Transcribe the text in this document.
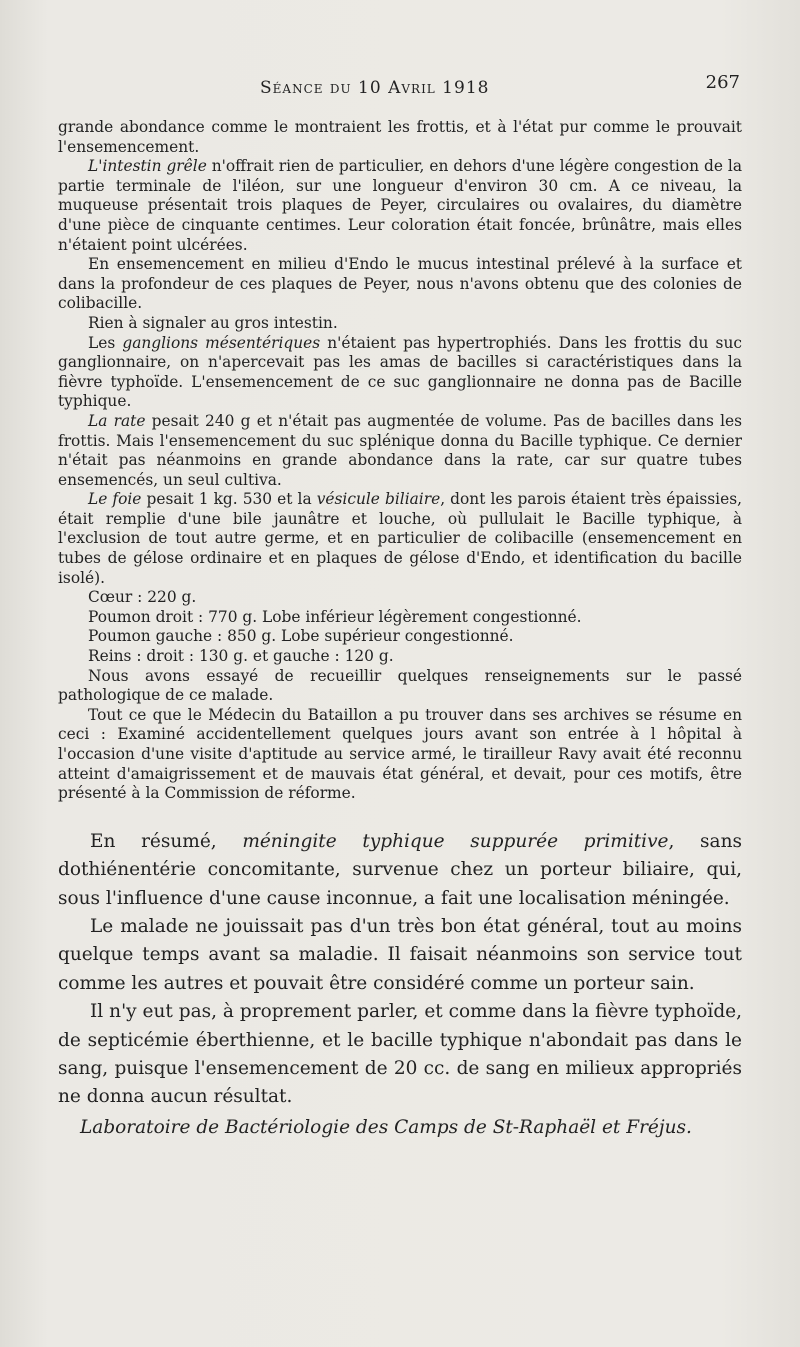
Séance du 10 Avril 1918	267

grande abondance comme le montraient les frottis, et à l'état pur comme le prouvait l'ensemencement.

L'intestin grêle n'offrait rien de particulier, en dehors d'une légère congestion de la partie terminale de l'iléon, sur une longueur d'environ 30 cm. A ce niveau, la muqueuse présentait trois plaques de Peyer, circulaires ou ovalaires, du diamètre d'une pièce de cinquante centimes. Leur coloration était foncée, brûnâtre, mais elles n'étaient point ulcérées.

En ensemencement en milieu d'Endo le mucus intestinal prélevé à la surface et dans la profondeur de ces plaques de Peyer, nous n'avons obtenu que des colonies de colibacille.

Rien à signaler au gros intestin.

Les ganglions mésentériques n'étaient pas hypertrophiés. Dans les frottis du suc ganglionnaire, on n'apercevait pas les amas de bacilles si caractéristiques dans la fièvre typhoïde. L'ensemencement de ce suc ganglionnaire ne donna pas de Bacille typhique.

La rate pesait 240 g et n'était pas augmentée de volume. Pas de bacilles dans les frottis. Mais l'ensemencement du suc splénique donna du Bacille typhique. Ce dernier n'était pas néanmoins en grande abondance dans la rate, car sur quatre tubes ensemencés, un seul cultiva.

Le foie pesait 1 kg. 530 et la vésicule biliaire, dont les parois étaient très épaissies, était remplie d'une bile jaunâtre et louche, où pullulait le Bacille typhique, à l'exclusion de tout autre germe, et en particulier de colibacille (ensemencement en tubes de gélose ordinaire et en plaques de gélose d'Endo, et identification du bacille isolé).

Cœur : 220 g.

Poumon droit : 770 g. Lobe inférieur légèrement congestionné.

Poumon gauche : 850 g. Lobe supérieur congestionné.

Reins : droit : 130 g. et gauche : 120 g.

Nous avons essayé de recueillir quelques renseignements sur le passé pathologique de ce malade.

Tout ce que le Médecin du Bataillon a pu trouver dans ses archives se résume en ceci : Examiné accidentellement quelques jours avant son entrée à l hôpital à l'occasion d'une visite d'aptitude au service armé, le tirailleur Ravy avait été reconnu atteint d'amaigrissement et de mauvais état général, et devait, pour ces motifs, être présenté à la Commission de réforme.

En résumé, méningite typhique suppurée primitive, sans dothiénentérie concomitante, survenue chez un porteur biliaire, qui, sous l'influence d'une cause inconnue, a fait une localisation méningée.

Le malade ne jouissait pas d'un très bon état général, tout au moins quelque temps avant sa maladie. Il faisait néanmoins son service tout comme les autres et pouvait être considéré comme un porteur sain.

Il n'y eut pas, à proprement parler, et comme dans la fièvre typhoïde, de septicémie éberthienne, et le bacille typhique n'abondait pas dans le sang, puisque l'ensemencement de 20 cc. de sang en milieux appropriés ne donna aucun résultat.

Laboratoire de Bactériologie des Camps de St-Raphaël et Fréjus.
